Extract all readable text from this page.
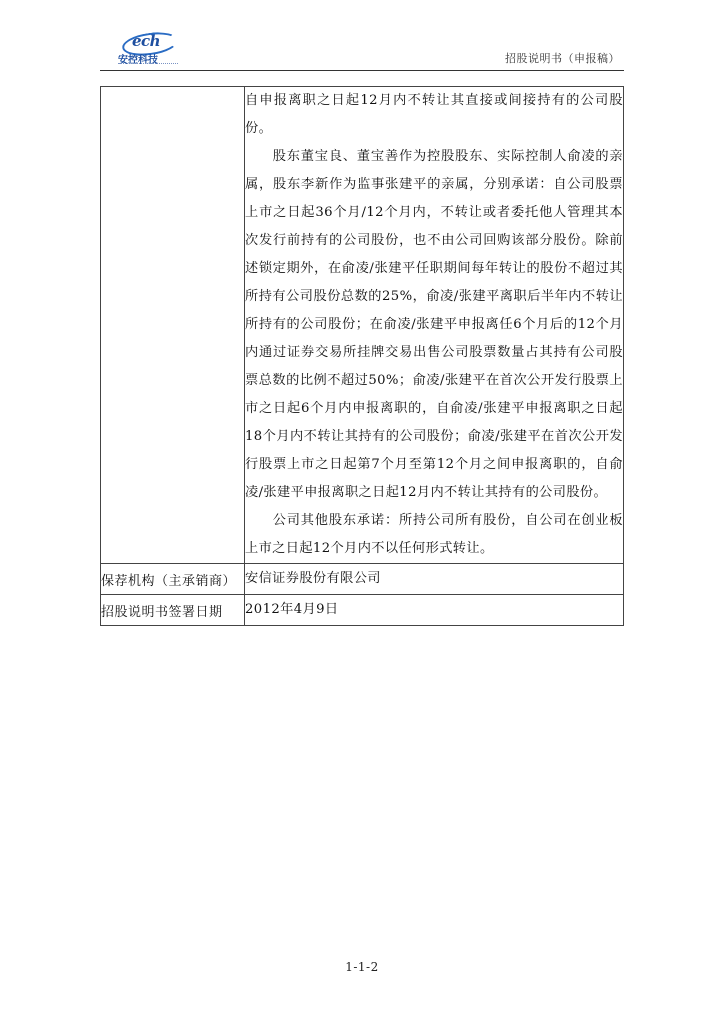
ech
安控科技	招股说明书（申报稿）

	自申报离职之日起12月内不转让其直接或间接持有的公司股份。

股东董宝良、董宝善作为控股股东、实际控制人俞凌的亲属，股东李新作为监事张建平的亲属，分别承诺：自公司股票上市之日起36个月/12个月内，不转让或者委托他人管理其本次发行前持有的公司股份，也不由公司回购该部分股份。除前述锁定期外，在俞凌/张建平任职期间每年转让的股份不超过其所持有公司股份总数的25%，俞凌/张建平离职后半年内不转让所持有的公司股份；在俞凌/张建平申报离任6个月后的12个月内通过证券交易所挂牌交易出售公司股票数量占其持有公司股票总数的比例不超过50%；俞凌/张建平在首次公开发行股票上市之日起6个月内申报离职的，自俞凌/张建平申报离职之日起18个月内不转让其持有的公司股份；俞凌/张建平在首次公开发行股票上市之日起第7个月至第12个月之间申报离职的，自俞凌/张建平申报离职之日起12月内不转让其持有的公司股份。

公司其他股东承诺：所持公司所有股份，自公司在创业板上市之日起12个月内不以任何形式转让。

保荐机构（主承销商）	安信证券股份有限公司
招股说明书签署日期	2012年4月9日
1-1-2
